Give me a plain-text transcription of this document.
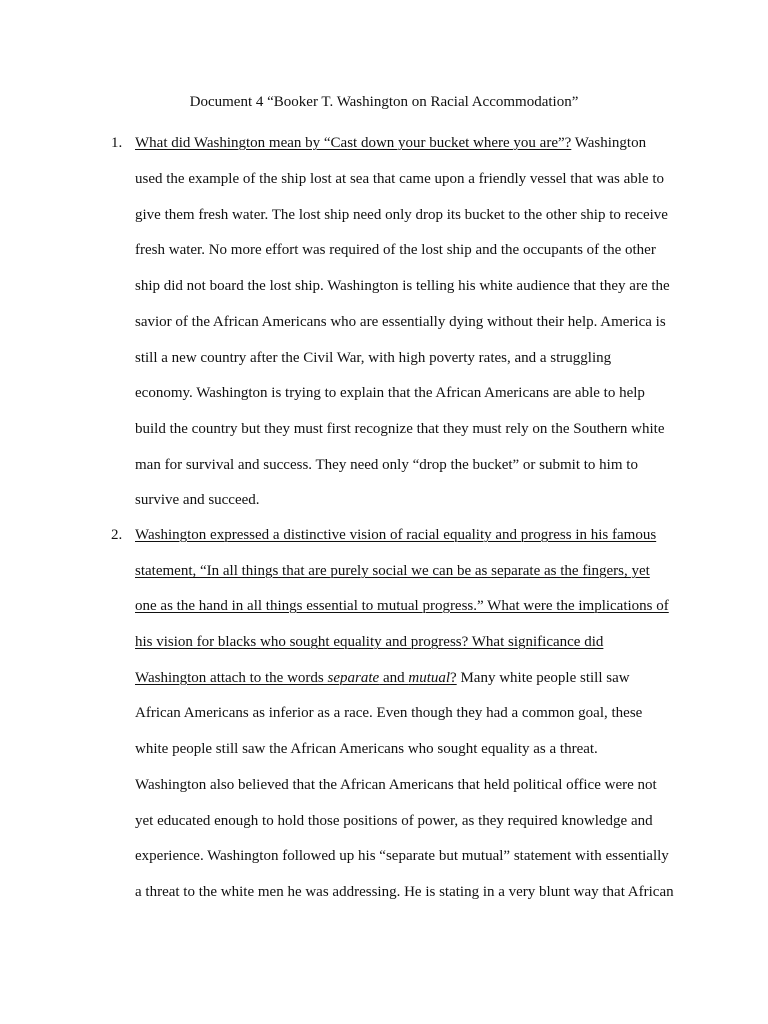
Document 4 “Booker T. Washington on Racial Accommodation”
1. What did Washington mean by “Cast down your bucket where you are”? Washington
used the example of the ship lost at sea that came upon a friendly vessel that was able to
give them fresh water. The lost ship need only drop its bucket to the other ship to receive
fresh water. No more effort was required of the lost ship and the occupants of the other
ship did not board the lost ship. Washington is telling his white audience that they are the
savior of the African Americans who are essentially dying without their help. America is
still a new country after the Civil War, with high poverty rates, and a struggling
economy. Washington is trying to explain that the African Americans are able to help
build the country but they must first recognize that they must rely on the Southern white
man for survival and success. They need only “drop the bucket” or submit to him to
survive and succeed.
2. Washington expressed a distinctive vision of racial equality and progress in his famous
statement, “In all things that are purely social we can be as separate as the fingers, yet
one as the hand in all things essential to mutual progress.” What were the implications of
his vision for blacks who sought equality and progress? What significance did
Washington attach to the words separate and mutual? Many white people still saw
African Americans as inferior as a race. Even though they had a common goal, these
white people still saw the African Americans who sought equality as a threat.
Washington also believed that the African Americans that held political office were not
yet educated enough to hold those positions of power, as they required knowledge and
experience. Washington followed up his “separate but mutual” statement with essentially
a threat to the white men he was addressing. He is stating in a very blunt way that African
